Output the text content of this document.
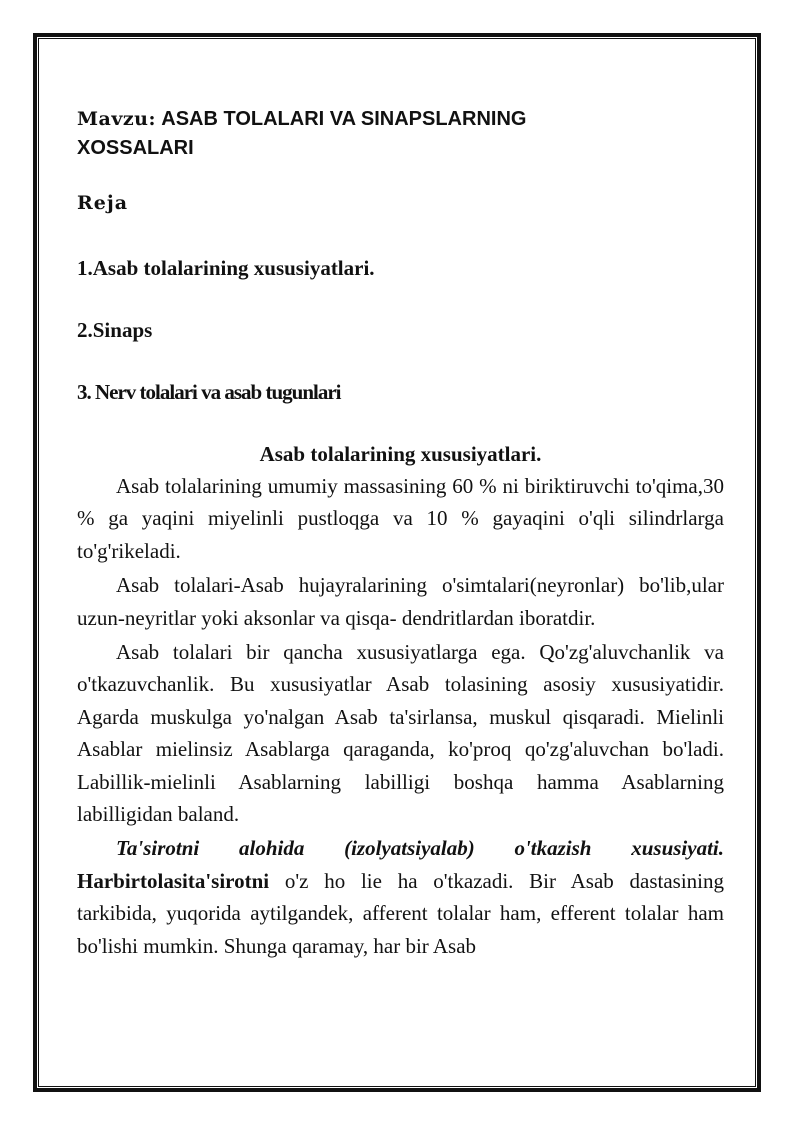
Mavzu: ASAB TOLALARI VA SINAPSLARNING
XOSSALARI
Reja
1.Asab tolalarining xususiyatlari.
2.Sinaps
3. Nerv tolalari va asab tugunlari
Asab tolalarining xususiyatlari.

Asab tolalarining umumiy massasining 60 % ni biriktiruvchi to'qima,30 % ga yaqini miyelinli pustloqga va 10 % gayaqini o'qli silindrlarga to'g'rikeladi.

Asab tolalari-Asab hujayralarining o'simtalari(neyronlar) bo'lib,ular uzun-neyritlar yoki aksonlar va qisqa- dendritlardan iboratdir.

Asab tolalari bir qancha xususiyatlarga ega. Qo'zg'aluvchanlik va o'tkazuvchanlik. Bu xususiyatlar Asab tolasining asosiy xususiyatidir. Agarda muskulga yo'nalgan Asab ta'sirlansa, muskul qisqaradi. Mielinli Asablar mielinsiz Asablarga qaraganda, ko'proq qo'zg'aluvchan bo'ladi. Labillik-mielinli Asablarning labilligi boshqa hamma Asablarning labilligidan baland.

Ta'sirotni alohida (izolyatsiyalab) o'tkazish xususiyati. Harbirtolasita'sirotni o'z ho lie ha o'tkazadi. Bir Asab dastasining tarkibida, yuqorida aytilgandek, afferent tolalar ham, efferent tolalar ham bo'lishi mumkin. Shunga qaramay, har bir Asab
